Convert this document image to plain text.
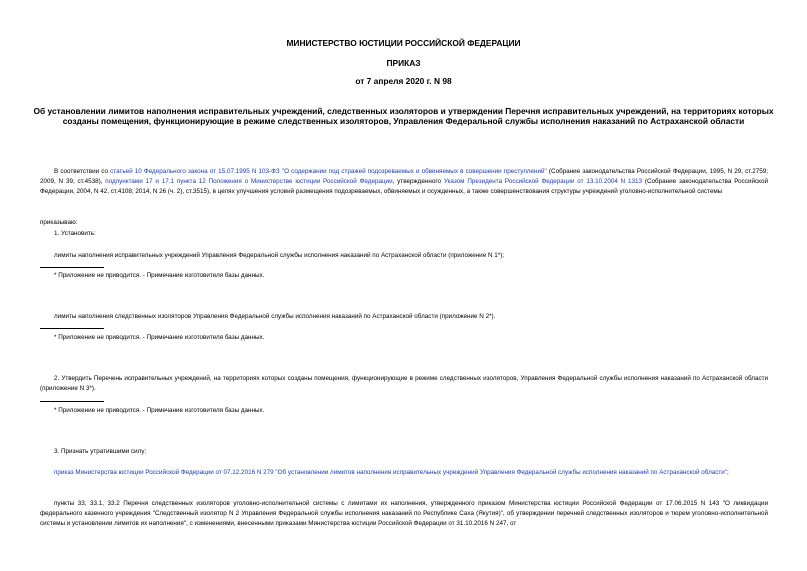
МИНИСТЕРСТВО ЮСТИЦИИ РОССИЙСКОЙ ФЕДЕРАЦИИ
ПРИКАЗ
от 7 апреля 2020 г. N 98
Об установлении лимитов наполнения исправительных учреждений, следственных изоляторов и утверждении Перечня исправительных учреждений, на территориях которых созданы помещения, функционирующие в режиме следственных изоляторов, Управления Федеральной службы исполнения наказаний по Астраханской области
В соответствии со статьей 10 Федерального закона от 15.07.1995 N 103-ФЗ "О содержании под стражей подозреваемых и обвиняемых в совершении преступлений" (Собрание законодательства Российской Федерации, 1995, N 29, ст.2759; 2009, N 39, ст.4538), подпунктами 17 и 17.1 пункта 12 Положения о Министерстве юстиции Российской Федерации, утвержденного Указом Президента Российской Федерации от 13.10.2004 N 1313 (Собрание законодательства Российской Федерации, 2004, N 42, ст.4108; 2014, N 26 (ч. 2), ст.3515), в целях улучшения условий размещения подозреваемых, обвиняемых и осужденных, а также совершенствования структуры учреждений уголовно-исполнительной системы
приказываю:
1. Установить:
лимиты наполнения исправительных учреждений Управления Федеральной службы исполнения наказаний по Астраханской области (приложение N 1*);
* Приложение не приводится. - Примечание изготовителя базы данных.
лимиты наполнения следственных изоляторов Управления Федеральной службы исполнения наказаний по Астраханской области (приложение N 2*).
* Приложение не приводится. - Примечание изготовителя базы данных.
2. Утвердить Перечень исправительных учреждений, на территориях которых созданы помещения, функционирующие в режиме следственных изоляторов, Управления Федеральной службы исполнения наказаний по Астраханской области (приложение N 3*).
* Приложение не приводится. - Примечание изготовителя базы данных.
3. Признать утратившими силу:
приказ Министерства юстиции Российской Федерации от 07.12.2016 N 279 "Об установлении лимитов наполнения исправительных учреждений Управления Федеральной службы исполнения наказаний по Астраханской области";
пункты 33, 33.1, 33.2 Перечня следственных изоляторов уголовно-исполнительной системы с лимитами их наполнения, утвержденного приказом Министерства юстиции Российской Федерации от 17.06.2015 N 143 "О ликвидации федерального казенного учреждения "Следственный изолятор N 2 Управления Федеральной службы исполнения наказаний по Республике Саха (Якутия)", об утверждении перечней следственных изоляторов и тюрем уголовно-исполнительной системы и установлении лимитов их наполнения", с изменениями, внесенными приказами Министерства юстиции Российской Федерации от 31.10.2016 N 247, от
